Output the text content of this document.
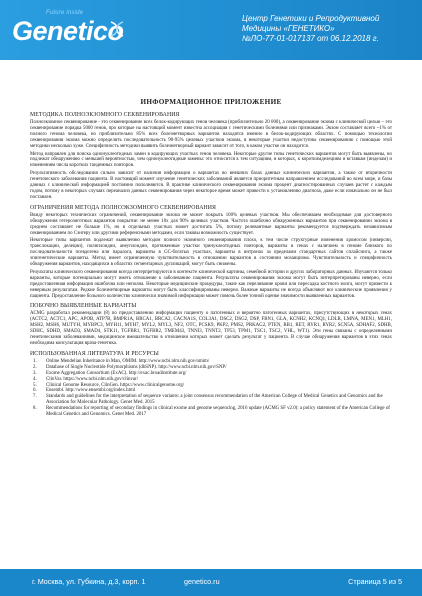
Future inside
Genetico	Центр Генетики и Репродуктивной
Медицины «ГЕНЕТИКО»
№ЛО-77-01-017137 от 06.12.2018 г.
ИНФОРМАЦИОННОЕ ПРИЛОЖЕНИЕ
МЕТОДИКА ПОЛНОЭКЗОМНОГО СЕКВЕНИРОВАНИЯ
Полноэкзомное секвенирование - это секвенирование всех белок-кодирующих генов человека (приблизительно 20 000), а секвенирование экзома с клинической целью – это секвенирование порядка 5000 генов, про которые на настоящий момент известна ассоциация с генетическими болезнями или признаками. Экзом составляет всего ~1% от полного генома человека, но приблизительно 85% всех болезнетворных вариантов находятся именно в белок-кодирующих областях. С помощью технологии секвенирования экзома можно определить последовательность 90-95% целевых участков экзома, в некоторые участки недоступны секвенированию с помощью этой методики несколько хуже. Специфичность методики выявить болезнетворный вариант зависит от того, в каком участке он находится.
Метод направлен для поиска однонуклеотидных замен в кодирующих участках генов человека. Некоторые другие типы генетических вариантов могут быть выявлены, но подлежат обнаружению с меньшей вероятностью, чем однонуклеотидные замены: это относится к тем ситуациям, в которых, к короткимделециям и вставкам (инделам) и изменениям числа коротких тандемных повторов.
Результативность обследования сильно зависит от наличия информации о вариантах во внешних базах данных клинических вариантов, а также от вторичности генетического заболевания пациента. В настоящий момент изучение генетических заболеваний является приоритетным направлением исследований во всем мире, и базы данных с клинической информацией постоянно пополняются. В практике клинического секвенирования экзома процент диагностированных случаев растет с каждым годом, потому в некоторых случаях переанализ данных секвенирования через некоторое время может привести к установлению диагноза, даже если изначально он не был поставлен.
ОГРАНИЧЕНИЯ МЕТОДА ПОЛНОЭКЗОМНОГО СЕКВЕНИРОВАНИЯ
Ввиду некоторых технических ограничений, секвенирование экзома не может покрыть 100% целевых участков. Мы обеспечиваем необходимые для достоверного обнаружения гетерозиготных вариантов покрытие: не менее 10х для 90% целевых участков. Частота ошибочно обнаруженных вариантов при секвенировании экзома в среднем составляет не больше 1%, но в отдельных участках может достигать 5%, потому релевантные варианты рекомендуется подтверждать независимым секвенированием по Сэнгеру или другими референсными методами, если таковы возможность существует.
Некоторые типы вариантов подлежат выявлению методом полного экзомного секвенирования плохо, к тем числе структурные изменения хромосом (инверсии, транслокации, делеции), полиплоидии, анеуплоидии, протяженные участки тринуклеотидных повторов, варианты в генах с наличием в геноме близкого по последовательности псевдогена или паралога, варианты в GC-богатых участках, варианты в интронах за пределами стандартных сайтов сплайсинга, а также эпигенетические варианты. Метод имеет ограниченную чувствительность в отношении вариантов в состоянии мозаицизма. Чувствительность и специфичность обнаружения вариантов, находящихся в областях сегментарных дупликаций, могут быть снижены.
Результаты клинического секвенирования всегда интерпретируются в контексте клинической картины, семейной истории и других лабораторных данных. Изучаются только варианты, которые потенциально могут иметь отношение к заболеванию пациента. Результаты секвенирования экзома могут быть интерпретированы неверно, если предоставленная информация ошибочна или неполна. Некоторые медицинские процедуры, такие как переливание крови или пересадка костного мозга, могут привести к неверным результатам. Редкие болезнетворные варианты могут быть классифицированы неверно. Важные варианты не всегда объясняют все клинические проявления у пациента. Предоставление больного количество клинически значимой информации может помочь более точной оценке значимости выявленных вариантов.
ПОБОЧНО ВЫЯВЛЕННЫЕ ВАРИАНТЫ
ACMG разработал рекомендации (8) по предоставлению информации пациенту о патогенных и вероятно патогенных вариантах, присутствующих в некоторых генах (ACTC2, ACTC1, APC, APOB, ATP7B, BMPR1A, BRCA1, BRCA2, CACNA1S, COL3A1, DSC2, DSG2, DSP, FBN1, GLA, KCNH2, KCNQ1, LDLR, LMNA, MEN1, MLH1, MSH2, MSH6, MUTYH, MYBPC3, MYH11, MYH7, MYL2, MYL3, NF2, OTC, PCSK9, PKP2, PMS2, PRKAG2, PTEN, RB1, RET, RYR1, RYR2, SCN5A, SDHAF2, SDHB, SDHC, SDHD, SMAD3, SMAD4, STK11, TGFBR1, TGFBR2, TMEM43, TNNI3, TNNT2, TP53, TPM1, TSC1, TSC2, VHL, WT1). Эти гены связаны с определенными генетическими заболеваниями, медицинское вмешательство в отношении которых может сделать результат у пациента. В случае обнаружения вариантов в этих генах необходима консультация врача-генетика.
ИСПОЛЬЗОВАННАЯ ЛИТЕРАТУРА И РЕСУРСЫ
1. Online Mendelian Inheritance in Man, OMIM. http://www.ncbi.nlm.nih.gov/omim/
2. Database of Single Nucleotide Polymorphisms (dbSNP). http://www.ncbi.nlm.nih.gov/SNP/
3. Exome Aggregation Consortium (ExAC). http://exac.broadinstitute.org/
4. ClinVar. https://www.ncbi.nlm.nih.gov/clinvar/
5. Clinical Genome Resource, ClinGen. https://www.clinicalgenome.org/
6. Ensembl. http://www.ensembl.org/index.html
7. Standards and guidelines for the interpretation of sequence variants: a joint consensus recommendation of the American College of Medical Genetics and Genomics and the Association for Molecular Pathology. Genet Med. 2015
8. Recommendations for reporting of secondary findings in clinical exome and genome sequencing, 2016 update (ACMG SF v2.0): a policy statement of the American College of Medical Genetics and Genomics. Genet Med. 2017
г. Москва, ул. Губкина, д.3, корп. 1	genetico.ru	Страница 5 из 5
